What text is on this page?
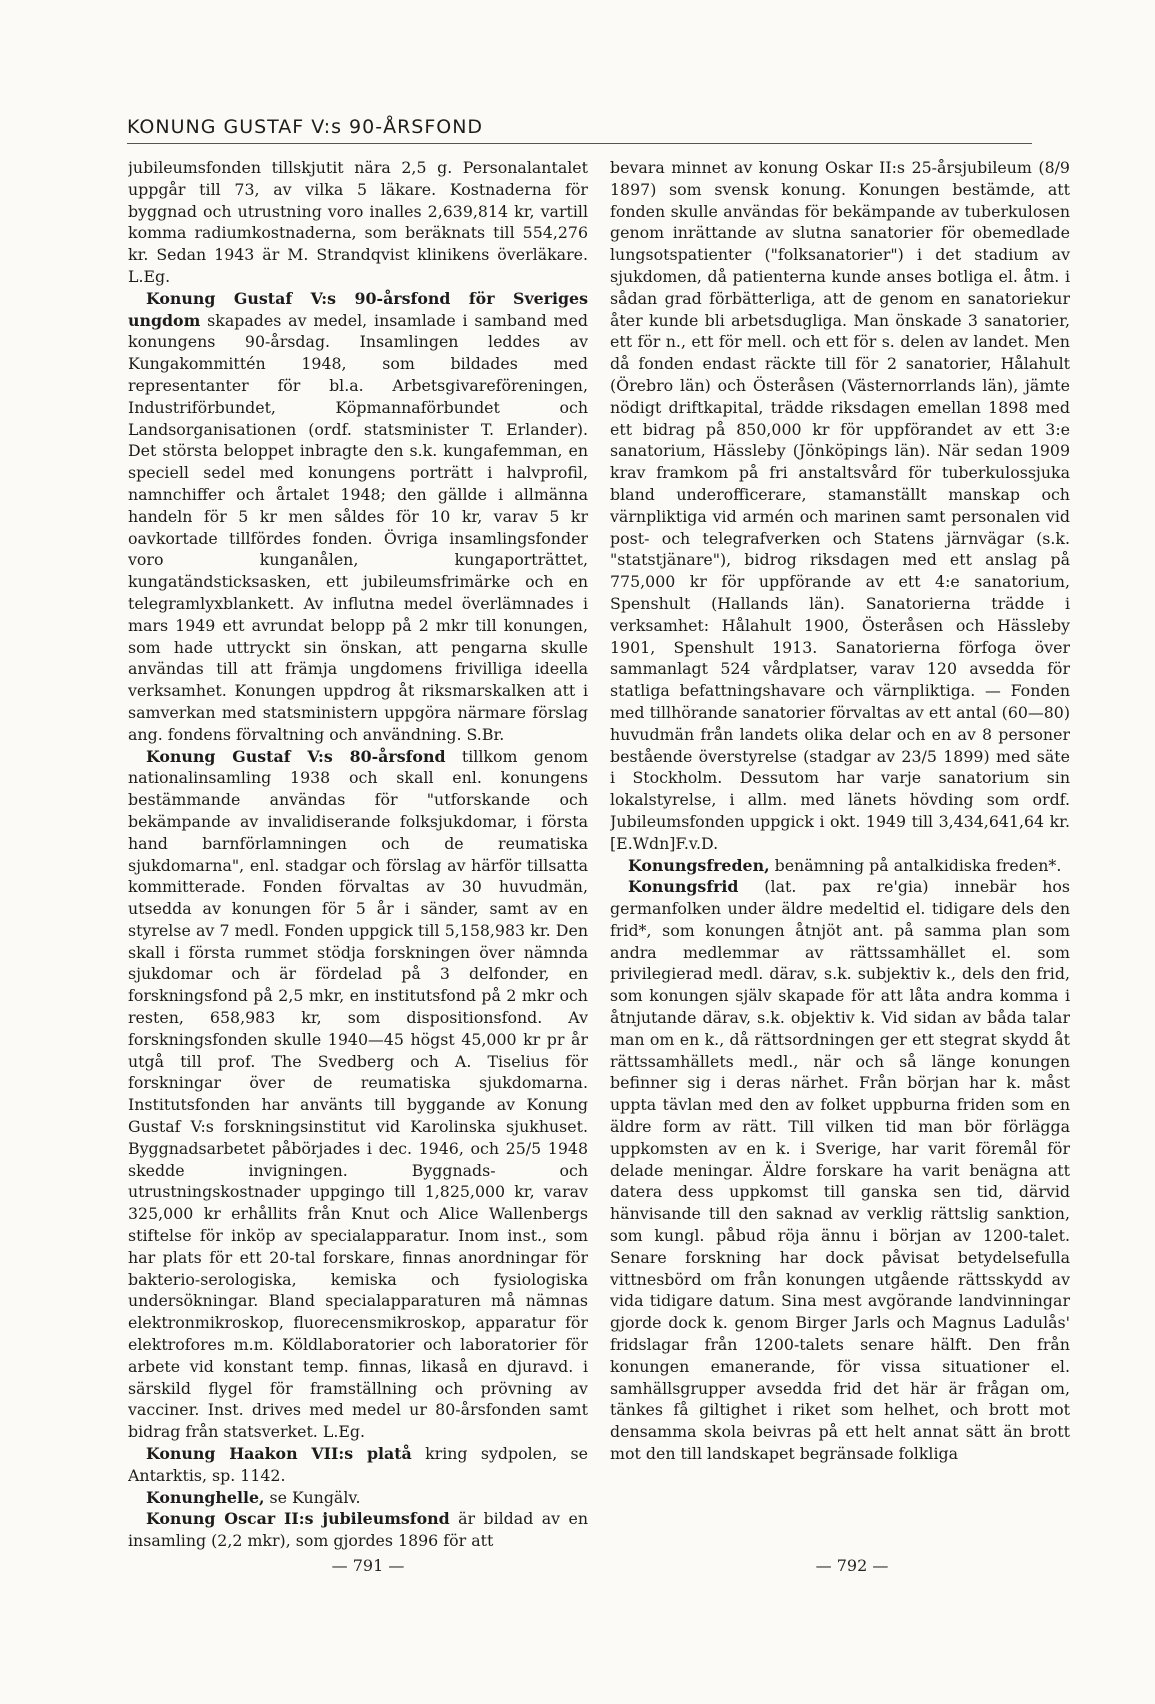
KONUNG GUSTAF V:s 90-ÅRSFOND

jubileumsfonden tillskjutit nära 2,5 g. Personalantalet uppgår till 73, av vilka 5 läkare. Kostnaderna för byggnad och utrustning voro inalles 2,639,814 kr, vartill komma radiumkostnaderna, som beräknats till 554,276 kr. Sedan 1943 är M. Strandqvist klinikens överläkare. L.Eg.

Konung Gustaf V:s 90-årsfond för Sveriges ungdom skapades av medel, insamlade i samband med konungens 90-årsdag. Insamlingen leddes av Kungakommittén 1948, som bildades med representanter för bl.a. Arbetsgivareföreningen, Industriförbundet, Köpmannaförbundet och Landsorganisationen (ordf. statsminister T. Erlander). Det största beloppet inbragte den s.k. kungafemman, en speciell sedel med konungens porträtt i halvprofil, namnchiffer och årtalet 1948; den gällde i allmänna handeln för 5 kr men såldes för 10 kr, varav 5 kr oavkortade tillfördes fonden. Övriga insamlingsfonder voro kunganålen, kungaporträttet, kungatändsticksasken, ett jubileumsfrimärke och en telegramlyxblankett. Av influtna medel överlämnades i mars 1949 ett avrundat belopp på 2 mkr till konungen, som hade uttryckt sin önskan, att pengarna skulle användas till att främja ungdomens frivilliga ideella verksamhet. Konungen uppdrog åt riksmarskalken att i samverkan med statsministern uppgöra närmare förslag ang. fondens förvaltning och användning. S.Br.

Konung Gustaf V:s 80-årsfond tillkom genom nationalinsamling 1938 och skall enl. konungens bestämmande användas för "utforskande och bekämpande av invalidiserande folksjukdomar, i första hand barnförlamningen och de reumatiska sjukdomarna", enl. stadgar och förslag av härför tillsatta kommitterade. Fonden förvaltas av 30 huvudmän, utsedda av konungen för 5 år i sänder, samt av en styrelse av 7 medl. Fonden uppgick till 5,158,983 kr. Den skall i första rummet stödja forskningen över nämnda sjukdomar och är fördelad på 3 delfonder, en forskningsfond på 2,5 mkr, en institutsfond på 2 mkr och resten, 658,983 kr, som dispositionsfond. Av forskningsfonden skulle 1940—45 högst 45,000 kr pr år utgå till prof. The Svedberg och A. Tiselius för forskningar över de reumatiska sjukdomarna. Institutsfonden har använts till byggande av Konung Gustaf V:s forskningsinstitut vid Karolinska sjukhuset. Byggnadsarbetet påbörjades i dec. 1946, och 25/5 1948 skedde invigningen. Byggnads- och utrustningskostnader uppgingo till 1,825,000 kr, varav 325,000 kr erhållits från Knut och Alice Wallenbergs stiftelse för inköp av specialapparatur. Inom inst., som har plats för ett 20-tal forskare, finnas anordningar för bakterio-serologiska, kemiska och fysiologiska undersökningar. Bland specialapparaturen må nämnas elektronmikroskop, fluorecensmikroskop, apparatur för elektrofores m.m. Köldlaboratorier och laboratorier för arbete vid konstant temp. finnas, likaså en djuravd. i särskild flygel för framställning och prövning av vacciner. Inst. drives med medel ur 80-årsfonden samt bidrag från statsverket. L.Eg.

Konung Haakon VII:s platå kring sydpolen, se Antarktis, sp. 1142.

Konunghelle, se Kungälv.

Konung Oscar II:s jubileumsfond är bildad av en insamling (2,2 mkr), som gjordes 1896 för att

bevara minnet av konung Oskar II:s 25-årsjubileum (8/9 1897) som svensk konung. Konungen bestämde, att fonden skulle användas för bekämpande av tuberkulosen genom inrättande av slutna sanatorier för obemedlade lungsotspatienter ("folksanatorier") i det stadium av sjukdomen, då patienterna kunde anses botliga el. åtm. i sådan grad förbätterliga, att de genom en sanatoriekur åter kunde bli arbetsdugliga. Man önskade 3 sanatorier, ett för n., ett för mell. och ett för s. delen av landet. Men då fonden endast räckte till för 2 sanatorier, Hålahult (Örebro län) och Österåsen (Västernorrlands län), jämte nödigt driftkapital, trädde riksdagen emellan 1898 med ett bidrag på 850,000 kr för uppförandet av ett 3:e sanatorium, Hässleby (Jönköpings län). När sedan 1909 krav framkom på fri anstaltsvård för tuberkulossjuka bland underofficerare, stamanställt manskap och värnpliktiga vid armén och marinen samt personalen vid post- och telegrafverken och Statens järnvägar (s.k. "statstjänare"), bidrog riksdagen med ett anslag på 775,000 kr för uppförande av ett 4:e sanatorium, Spenshult (Hallands län). Sanatorierna trädde i verksamhet: Hålahult 1900, Österåsen och Hässleby 1901, Spenshult 1913. Sanatorierna förfoga över sammanlagt 524 vårdplatser, varav 120 avsedda för statliga befattningshavare och värnpliktiga. — Fonden med tillhörande sanatorier förvaltas av ett antal (60—80) huvudmän från landets olika delar och en av 8 personer bestående överstyrelse (stadgar av 23/5 1899) med säte i Stockholm. Dessutom har varje sanatorium sin lokalstyrelse, i allm. med länets hövding som ordf. Jubileumsfonden uppgick i okt. 1949 till 3,434,641,64 kr. [E.Wdn]F.v.D.

Konungsfreden, benämning på antalkidiska freden*.

Konungsfrid (lat. pax re'gia) innebär hos germanfolken under äldre medeltid el. tidigare dels den frid*, som konungen åtnjöt ant. på samma plan som andra medlemmar av rättssamhället el. som privilegierad medl. därav, s.k. subjektiv k., dels den frid, som konungen själv skapade för att låta andra komma i åtnjutande därav, s.k. objektiv k. Vid sidan av båda talar man om en k., då rättsordningen ger ett stegrat skydd åt rättssamhällets medl., när och så länge konungen befinner sig i deras närhet. Från början har k. måst uppta tävlan med den av folket uppburna friden som en äldre form av rätt. Till vilken tid man bör förlägga uppkomsten av en k. i Sverige, har varit föremål för delade meningar. Äldre forskare ha varit benägna att datera dess uppkomst till ganska sen tid, därvid hänvisande till den saknad av verklig rättslig sanktion, som kungl. påbud röja ännu i början av 1200-talet. Senare forskning har dock påvisat betydelsefulla vittnesbörd om från konungen utgående rättsskydd av vida tidigare datum. Sina mest avgörande landvinningar gjorde dock k. genom Birger Jarls och Magnus Ladulås' fridslagar från 1200-talets senare hälft. Den från konungen emanerande, för vissa situationer el. samhällsgrupper avsedda frid det här är frågan om, tänkes få giltighet i riket som helhet, och brott mot densamma skola beivras på ett helt annat sätt än brott mot den till landskapet begränsade folkliga

— 791 —	— 792 —
